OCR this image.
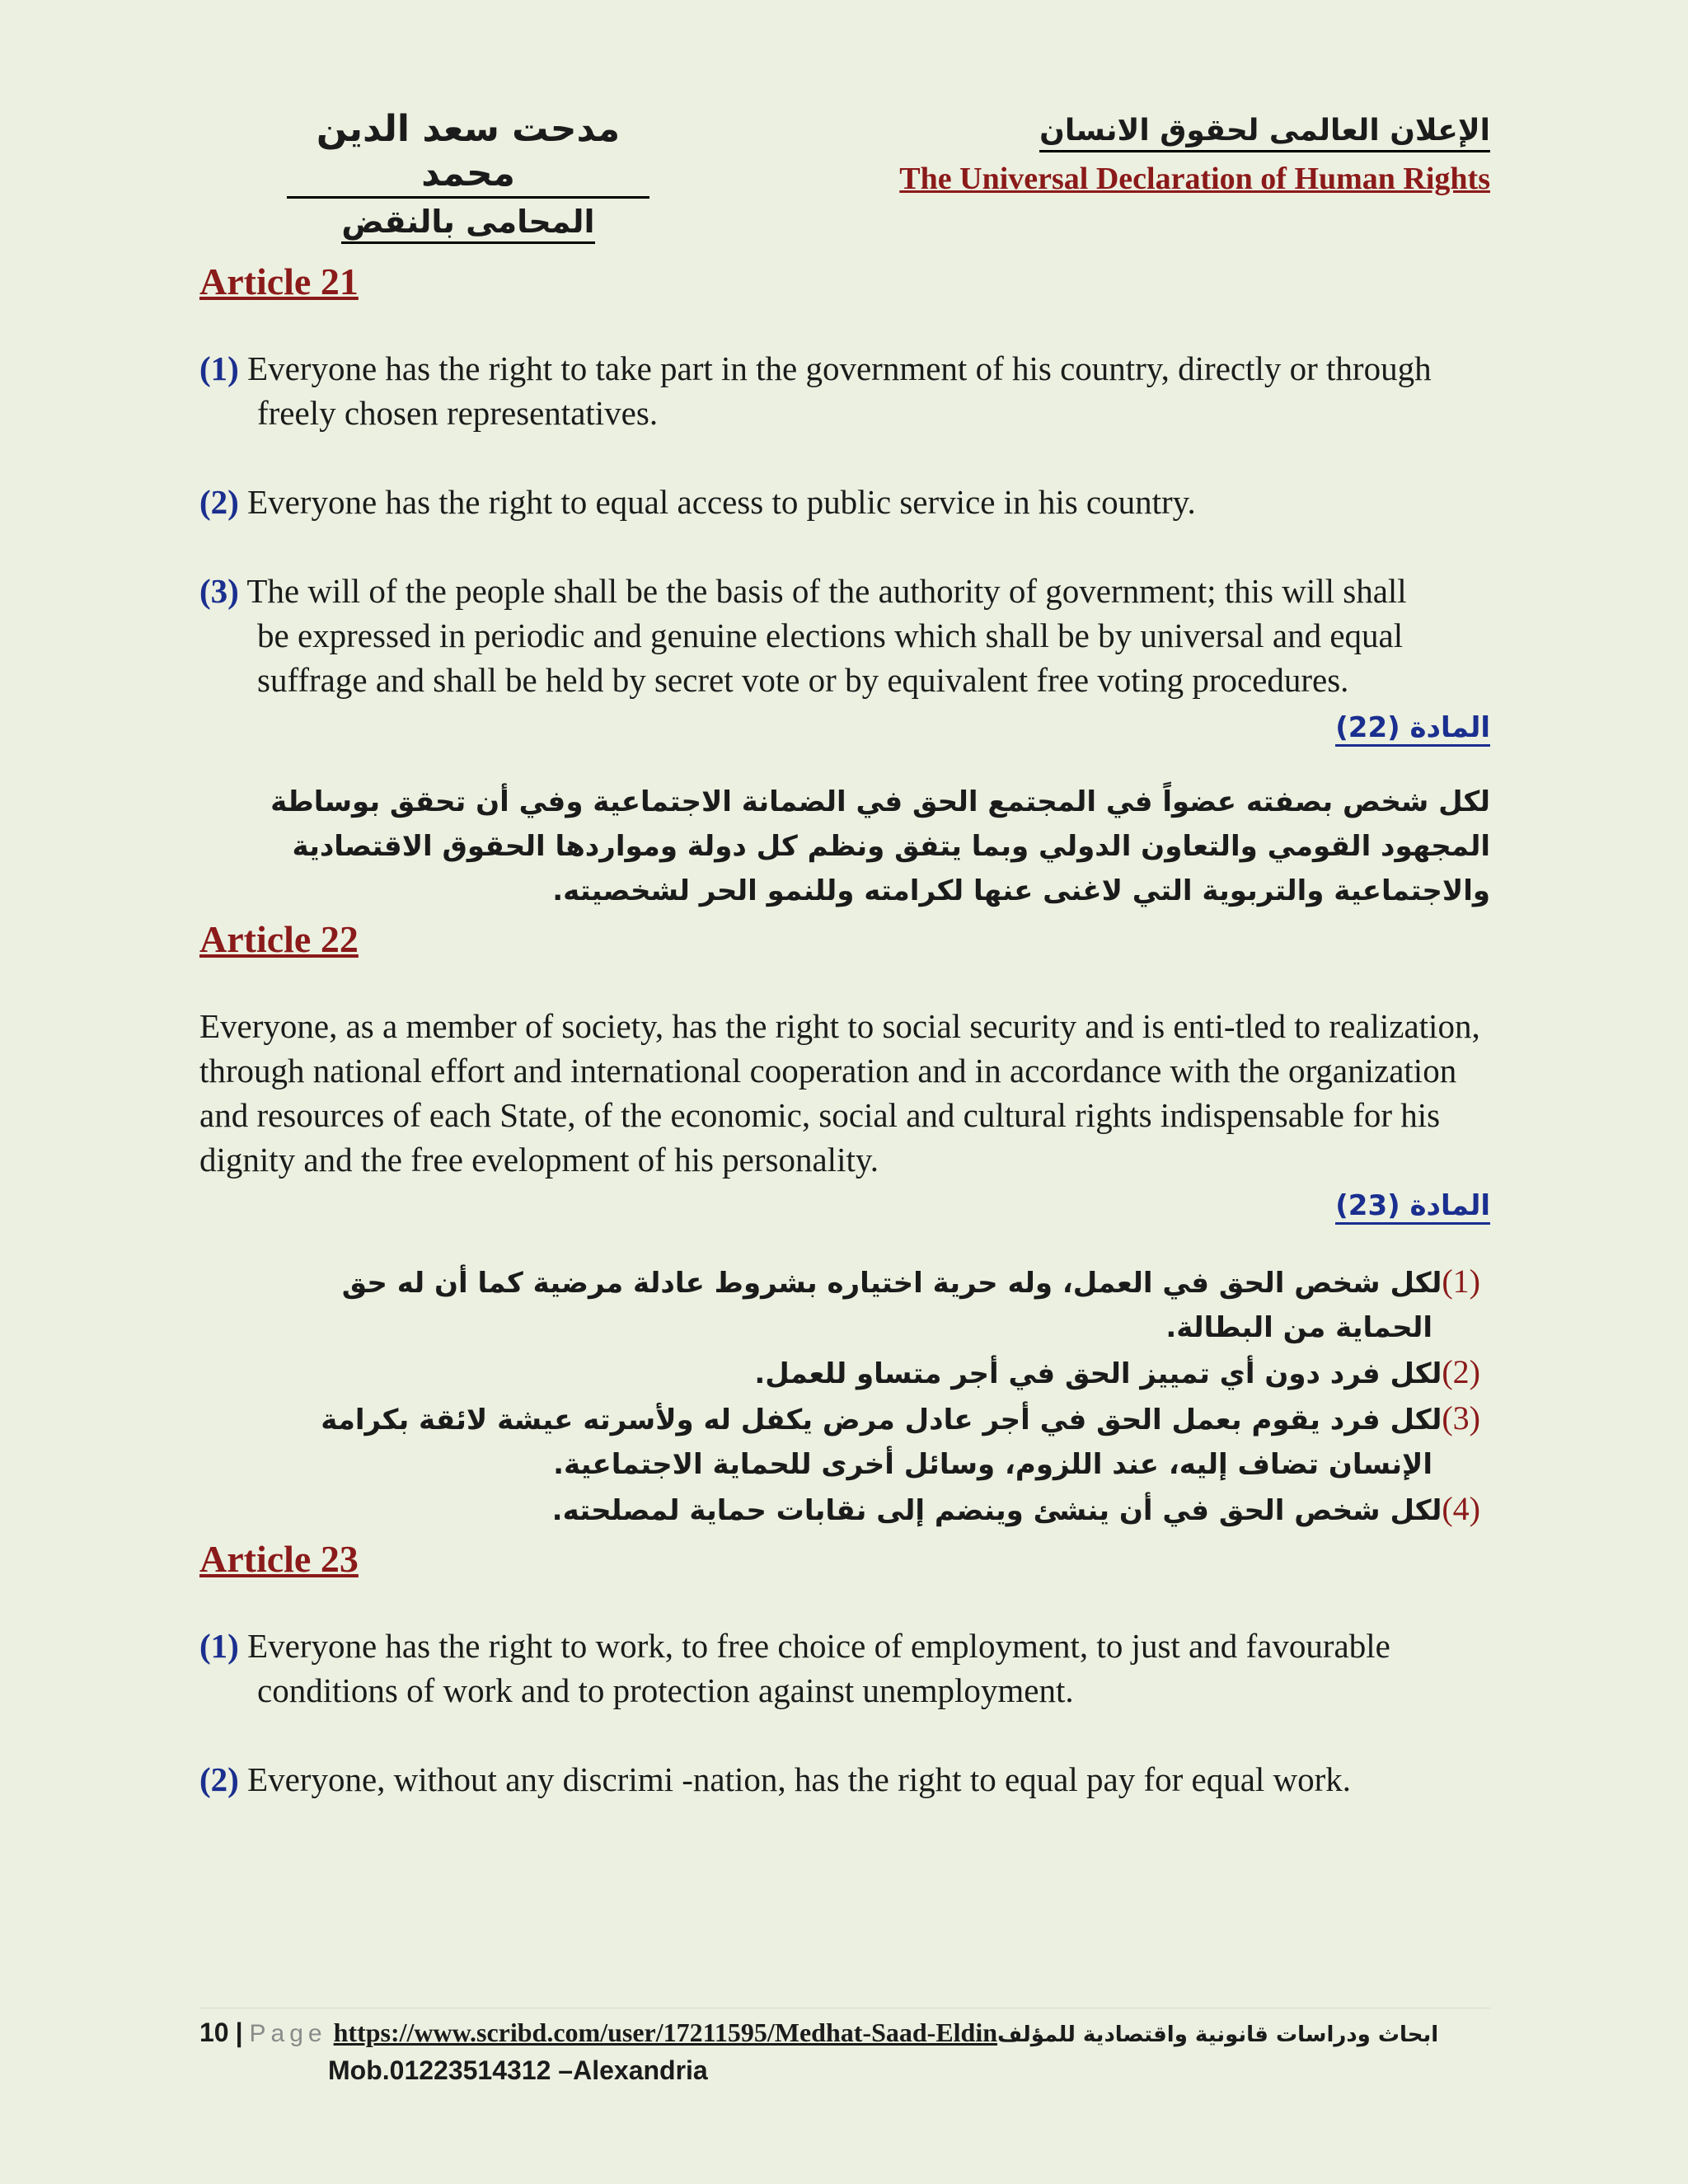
مدحت سعد الدين محمد
المحامى بالنقض
الإعلان العالمى لحقوق الانسان
The Universal Declaration of Human Rights
Article 21
(1) Everyone has the right to take part in the government of his country, directly or through freely chosen representatives.
(2) Everyone has the right to equal access to public service in his country.
(3) The will of the people shall be the basis of the authority of government; this will shall be expressed in periodic and genuine elections which shall be by universal and equal suffrage and shall be held by secret vote or by equivalent free voting procedures.
المادة (22)
لكل شخص بصفته عضواً في المجتمع الحق في الضمانة الاجتماعية وفي أن تحقق بوساطة المجهود القومي والتعاون الدولي وبما يتفق ونظم كل دولة ومواردها الحقوق الاقتصادية والاجتماعية والتربوية التي لاغنى عنها لكرامته وللنمو الحر لشخصيته.
Article 22
Everyone, as a member of society, has the right to social security and is enti-tled to realization, through national effort and international cooperation and in accordance with the organization and resources of each State, of the economic, social and cultural rights indispensable for his dignity and the free evelopment of his personality.
المادة (23)
(1)لكل شخص الحق في العمل، وله حرية اختياره بشروط عادلة مرضية كما أن له حق الحماية من البطالة.
(2)لكل فرد دون أي تمييز الحق في أجر متساو للعمل.
(3)لكل فرد يقوم بعمل الحق في أجر عادل مرض يكفل له ولأسرته عيشة لائقة بكرامة الإنسان تضاف إليه، عند اللزوم، وسائل أخرى للحماية الاجتماعية.
(4)لكل شخص الحق في أن ينشئ وينضم إلى نقابات حماية لمصلحته.
Article 23
(1) Everyone has the right to work, to free choice of employment, to just and favourable conditions of work and to protection against unemployment.
(2) Everyone, without any discrimi -nation, has the right to equal pay for equal work.
10 | Page https://www.scribd.com/user/17211595/Medhat-Saad-Eldinابحاث ودراسات قانونية واقتصادية للمؤلف
Mob.01223514312 –Alexandria
